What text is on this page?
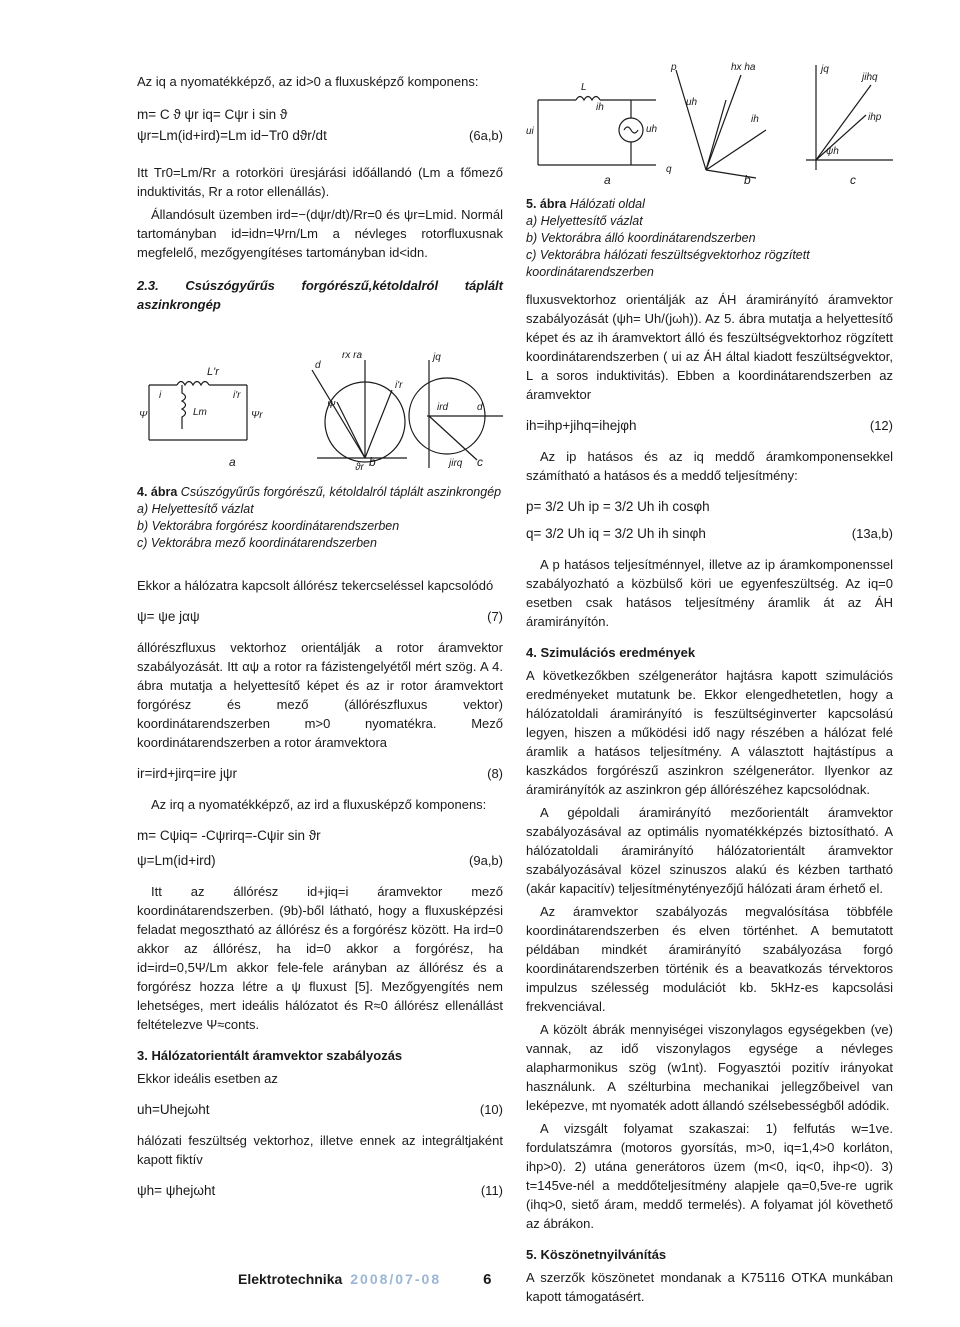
L'r
i	i'r
Lm
Ψ	Ψr
d
rx ra
i'r
Ψ
ϑr
jq
d
ird
jirq
a	b	c
4. ábra Csúszógyűrűs forgórészű, kétoldalról táplált aszinkrongép
a) Helyettesítő vázlat
b) Vektorábra forgórész koordinátarendszerben
c) Vektorábra mező koordinátarendszerben

Az iq a nyomatékképző, az id>0 a fluxusképző komponens:

m= C ϑ ψr iq= Cψr i sin ϑ
ψr=Lm(id+ird)=Lm id−Tr0 dϑr/dt	(6a,b)

Itt Tr0=Lm/Rr a rotorköri üresjárási időállandó (Lm a főmező induktivitás, Rr a rotor ellenállás).

Állandósult üzemben ird=−(dψr/dt)/Rr=0 és ψr=Lmid. Normál tartományban id=idn=Ψrn/Lm a névleges rotorfluxusnak megfelelő, mezőgyengítéses tartományban id<idn.

2.3. Csúszógyűrűs forgórészű,kétoldalról táplált aszinkrongép

Ekkor a hálózatra kapcsolt állórész tekercseléssel kapcsolódó

ψ= ψe jαψ	(7)

állórészfluxus vektorhoz orientálják a rotor áramvektor szabályozását. Itt αψ a rotor ra fázistengelyétől mért szög. A 4. ábra mutatja a helyettesítő képet és az ir rotor áramvektort forgórész és mező (állórészfluxus vektor) koordinátarendszerben m>0 nyomatékra. Mező koordinátarendszerben a rotor áramvektora

ir=ird+jirq=ire jψr	(8)

Az irq a nyomatékképző, az ird a fluxusképző komponens:

m= Cψiq= -Cψrirq=-Cψir sin ϑr
ψ=Lm(id+ird)	(9a,b)

Itt az állórész id+jiq=i áramvektor mező koordinátarendszerben. (9b)-ből látható, hogy a fluxusképzési feladat megosztható az állórész és a forgórész között. Ha ird=0 akkor az állórész, ha id=0 akkor a forgórész, ha id=ird=0,5Ψ/Lm akkor fele-fele arányban az állórész és a forgórész hozza létre a ψ fluxust [5]. Mezőgyengítés nem lehetséges, mert ideális hálózatot és R≈0 állórész ellenállást feltételezve Ψ≈conts.

3. Hálózatorientált áramvektor szabályozás

Ekkor ideális esetben az

uh=Uhejωht	(10)

hálózati feszültség vektorhoz, illetve ennek az integráltjaként kapott fiktív

ψh= ψhejωht	(11)
ui
L
ih
uh
p	hx ha
uh
ih
q
jq
jihq
ihp
ψh
a	b	c
5. ábra Hálózati oldal
a) Helyettesítő vázlat
b) Vektorábra álló koordinátarendszerben
c) Vektorábra hálózati feszültségvektorhoz rögzített koordinátarendszerben

fluxusvektorhoz orientálják az ÁH áramirányító áramvektor szabályozását (ψh= Uh/(jωh)). Az 5. ábra mutatja a helyettesítő képet és az ih áramvektort álló és feszültségvektorhoz rögzített koordinátarendszerben ( ui az ÁH által kiadott feszültségvektor, L a soros induktivitás). Ebben a koordinátarendszerben az áramvektor

ih=ihp+jihq=ihejφh	(12)

Az ip hatásos és az iq meddő áramkomponensekkel számítható a hatásos és a meddő teljesítmény:

p= 3/2 Uh ip = 3/2 Uh ih cosφh
q= 3/2 Uh iq = 3/2 Uh ih sinφh	(13a,b)

A p hatásos teljesítménnyel, illetve az ip áramkomponenssel szabályozható a közbülső köri ue egyenfeszültség. Az iq=0 esetben csak hatásos teljesítmény áramlik át az ÁH áramirányítón.

4. Szimulációs eredmények

A következőkben szélgenerátor hajtásra kapott szimulációs eredményeket mutatunk be. Ekkor elengedhetetlen, hogy a hálózatoldali áramirányító is feszültséginverter kapcsolású legyen, hiszen a működési idő nagy részében a hálózat felé áramlik a hatásos teljesítmény. A választott hajtástípus a kaszkádos forgórészű aszinkron szélgenerátor. Ilyenkor az áramirányítók az aszinkron gép állórészéhez kapcsolódnak.

A gépoldali áramirányító mezőorientált áramvektor szabályozásával az optimális nyomatékképzés biztosítható. A hálózatoldali áramirányító hálózatorientált áramvektor szabályozásával közel szinuszos alakú és kézben tartható (akár kapacitív) teljesítménytényezőjű hálózati áram érhető el.

Az áramvektor szabályozás megvalósítása többféle koordinátarendszerben és elven történhet. A bemutatott példában mindkét áramirányító szabályozása forgó koordinátarendszerben történik és a beavatkozás térvektoros impulzus szélesség modulációt kb. 5kHz-es kapcsolási frekvenciával.

A közölt ábrák mennyiségei viszonylagos egységekben (ve) vannak, az idő viszonylagos egysége a névleges alapharmonikus szög (w1nt). Fogyasztói pozitív irányokat használunk. A szélturbina mechanikai jellegzőbeivel van leképezve, mt nyomaték adott állandó szélsebességből adódik.

A vizsgált folyamat szakaszai: 1) felfutás w=1ve. fordulatszámra (motoros gyorsítás, m>0, iq=1,4>0 korláton, ihp>0). 2) utána generátoros üzem (m<0, iq<0, ihp<0). 3) t=145ve-nél a meddőteljesítmény alapjele qa=0,5ve-re ugrik (ihq>0, siető áram, meddő termelés). A folyamat jól követhető az ábrákon.

5. Köszönetnyilvánítás

A szerzők köszönetet mondanak a K75116 OTKA munkában kapott támogatásért.

Elektrotechnika 2008/07-08	6
